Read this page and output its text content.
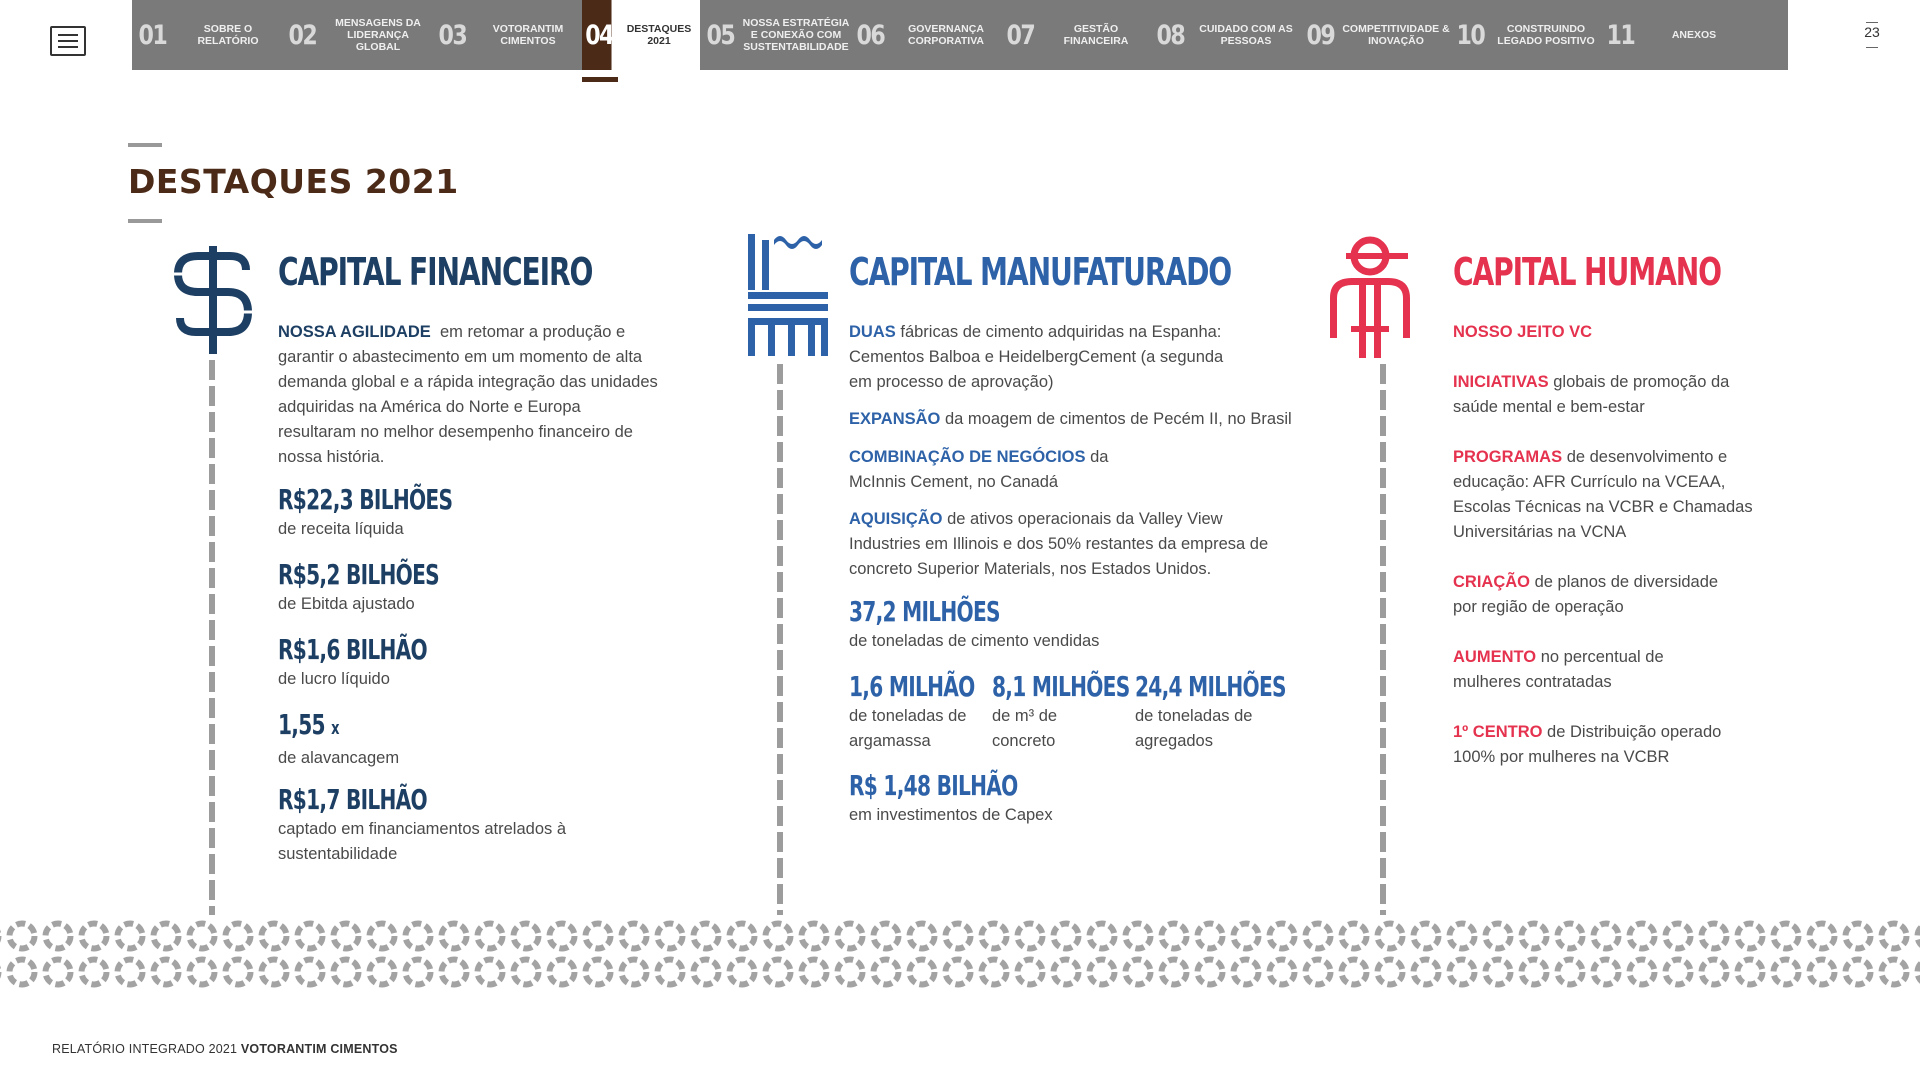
01	SOBRE O RELATÓRIO	02	MENSAGENS DA LIDERANÇA GLOBAL	03	VOTORANTIM CIMENTOS	04	DESTAQUES 2021	05 NOSSA ESTRATÉGIA E CONEXÃO COM SUSTENTABILIDADE 06	GOVERNANÇA CORPORATIVA 07	GESTÃO FINANCEIRA	08	CUIDADO COM AS PESSOAS	09 COMPETITIVIDADE & INOVAÇÃO	10	CONSTRUINDO LEGADO POSITIVO 11	ANEXOS	23
DESTAQUES 2021
CAPITAL FINANCEIRO
NOSSA AGILIDADE em retomar a produção e garantir o abastecimento em um momento de alta demanda global e a rápida integração das unidades adquiridas na América do Norte e Europa resultaram no melhor desempenho financeiro de nossa história.
R$22,3 BILHÕES
de receita líquida
R$5,2 BILHÕES
de Ebitda ajustado
R$1,6 BILHÃO
de lucro líquido
1,55 x
de alavancagem
R$1,7 BILHÃO
captado em financiamentos atrelados à sustentabilidade
CAPITAL MANUFATURADO
DUAS fábricas de cimento adquiridas na Espanha: Cementos Balboa e HeidelbergCement (a segunda em processo de aprovação)
EXPANSÃO da moagem de cimentos de Pecém II, no Brasil
COMBINAÇÃO DE NEGÓCIOS da McInnis Cement, no Canadá
AQUISIÇÃO de ativos operacionais da Valley View Industries em Illinois e dos 50% restantes da empresa de concreto Superior Materials, nos Estados Unidos.
37,2 MILHÕES
de toneladas de cimento vendidas
1,6 MILHÃO
de toneladas de argamassa
8,1 MILHÕES
de m³ de concreto
24,4 MILHÕES
de toneladas de agregados
R$ 1,48 BILHÃO
em investimentos de Capex
CAPITAL HUMANO
NOSSO JEITO VC
INICIATIVAS globais de promoção da saúde mental e bem-estar
PROGRAMAS de desenvolvimento e educação: AFR Currículo na VCEAA, Escolas Técnicas na VCBR e Chamadas Universitárias na VCNA
CRIAÇÃO de planos de diversidade por região de operação
AUMENTO no percentual de mulheres contratadas
1º CENTRO de Distribuição operado 100% por mulheres na VCBR
RELATÓRIO INTEGRADO 2021 VOTORANTIM CIMENTOS
